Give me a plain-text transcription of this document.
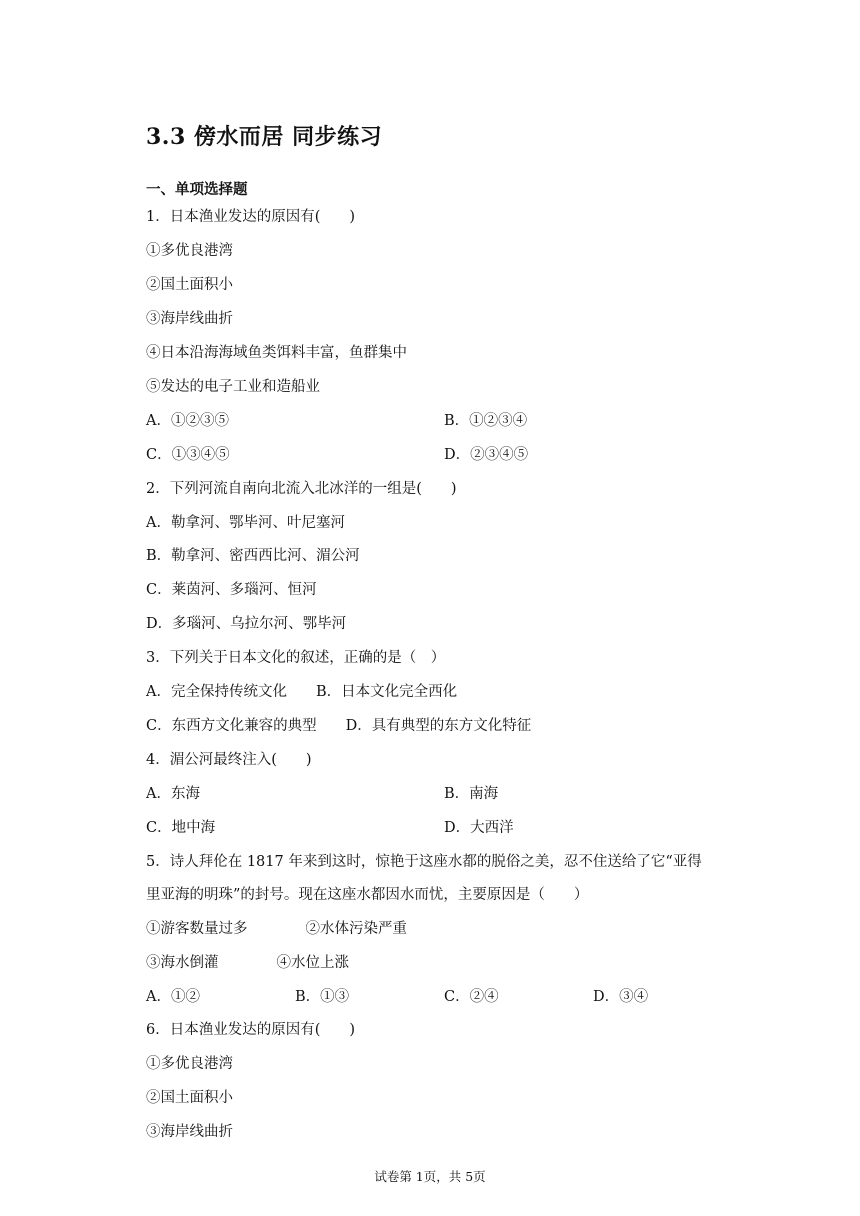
3.3 傍水而居 同步练习
一、单项选择题
1．日本渔业发达的原因有(　　)
①多优良港湾
②国土面积小
③海岸线曲折
④日本沿海海域鱼类饵料丰富，鱼群集中
⑤发达的电子工业和造船业
A．①②③⑤	B．①②③④
C．①③④⑤	D．②③④⑤
2．下列河流自南向北流入北冰洋的一组是(　　)
A．勒拿河、鄂毕河、叶尼塞河
B．勒拿河、密西西比河、湄公河
C．莱茵河、多瑙河、恒河
D．多瑙河、乌拉尔河、鄂毕河
3．下列关于日本文化的叙述，正确的是（　）
A．完全保持传统文化　　B．日本文化完全西化
C．东西方文化兼容的典型　　D．具有典型的东方文化特征
4．湄公河最终注入(　　)
A．东海	B．南海
C．地中海	D．大西洋
5．诗人拜伦在 1817 年来到这时，惊艳于这座水都的脱俗之美，忍不住送给了它“亚得
里亚海的明珠”的封号。现在这座水都因水而忧，主要原因是（　　）
①游客数量过多　　　　②水体污染严重
③海水倒灌　　　　④水位上涨
A．①②	B．①③	C．②④	D．③④
6．日本渔业发达的原因有(　　)
①多优良港湾
②国土面积小
③海岸线曲折
试卷第 1页，共 5页
